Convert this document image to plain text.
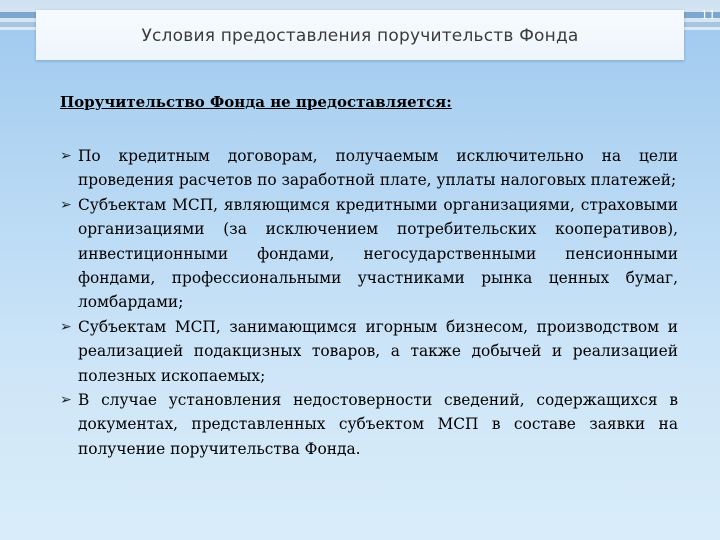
Условия предоставления поручительств Фонда
11
Поручительство Фонда не предоставляется:
➢ По кредитным договорам, получаемым исключительно на цели проведения расчетов по заработной плате, уплаты налоговых платежей;
➢ Субъектам МСП, являющимся кредитными организациями, страховыми организациями (за исключением потребительских кооперативов), инвестиционными фондами, негосударственными пенсионными фондами, профессиональными участниками рынка ценных бумаг, ломбардами;
➢ Субъектам МСП, занимающимся игорным бизнесом, производством и реализацией подакцизных товаров, а также добычей и реализацией полезных ископаемых;
➢ В случае установления недостоверности сведений, содержащихся в документах, представленных субъектом МСП в составе заявки на получение поручительства Фонда.
